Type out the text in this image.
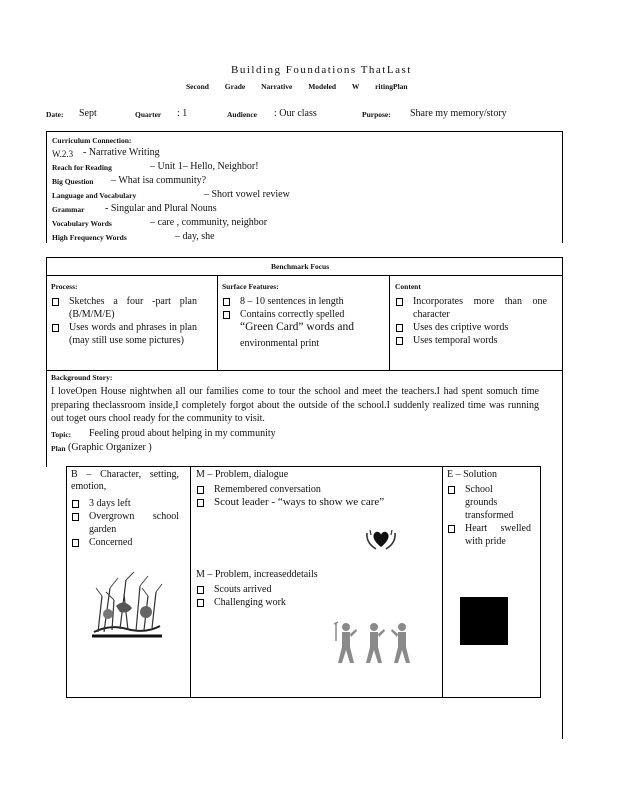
Building Foundations ThatLast
Second Grade Narrative Modeled W ritingPlan
Date: Sept	Quarter : 1	Audience : Our class	Purpose: Share my memory/story
Curriculum Connection:
W.2.3 - Narrative Writing
Reach for Reading	– Unit 1– Hello, Neighbor!
Big Question – What isa community?
Language and Vocabulary	– Short vowel review
Grammar - Singular and Plural Nouns
Vocabulary Words	– care , community, neighbor
High Frequency Words	– day, she
Benchmark Focus
Process:
Sketches a four -part plan (B/M/M/E)
Uses words and phrases in plan (may still use some pictures)
Surface Features:
8 – 10 sentences in length
Contains correctly spelled
“Green Card” words and
environmental print
Content
Incorporates more than one character
Uses des criptive words
Uses temporal words
Background Story:
I loveOpen House nightwhen all our families come to tour the school and meet the teachers.I had spent somuch time preparing theclassroom inside,I completely forgot about the outside of the school.I suddenly realized time was running out toget ours chool ready for the community to visit.
Topic: Feeling proud about helping in my community
Plan (Graphic Organizer )
B – Character, setting, emotion,
3 days left
Overgrown school garden
Concerned
M – Problem, dialogue
Remembered conversation
Scout leader - “ways to show we care”
M – Problem, increaseddetails
Scouts arrived
Challenging work
E – Solution
School grounds transformed
Heart swelled with pride
